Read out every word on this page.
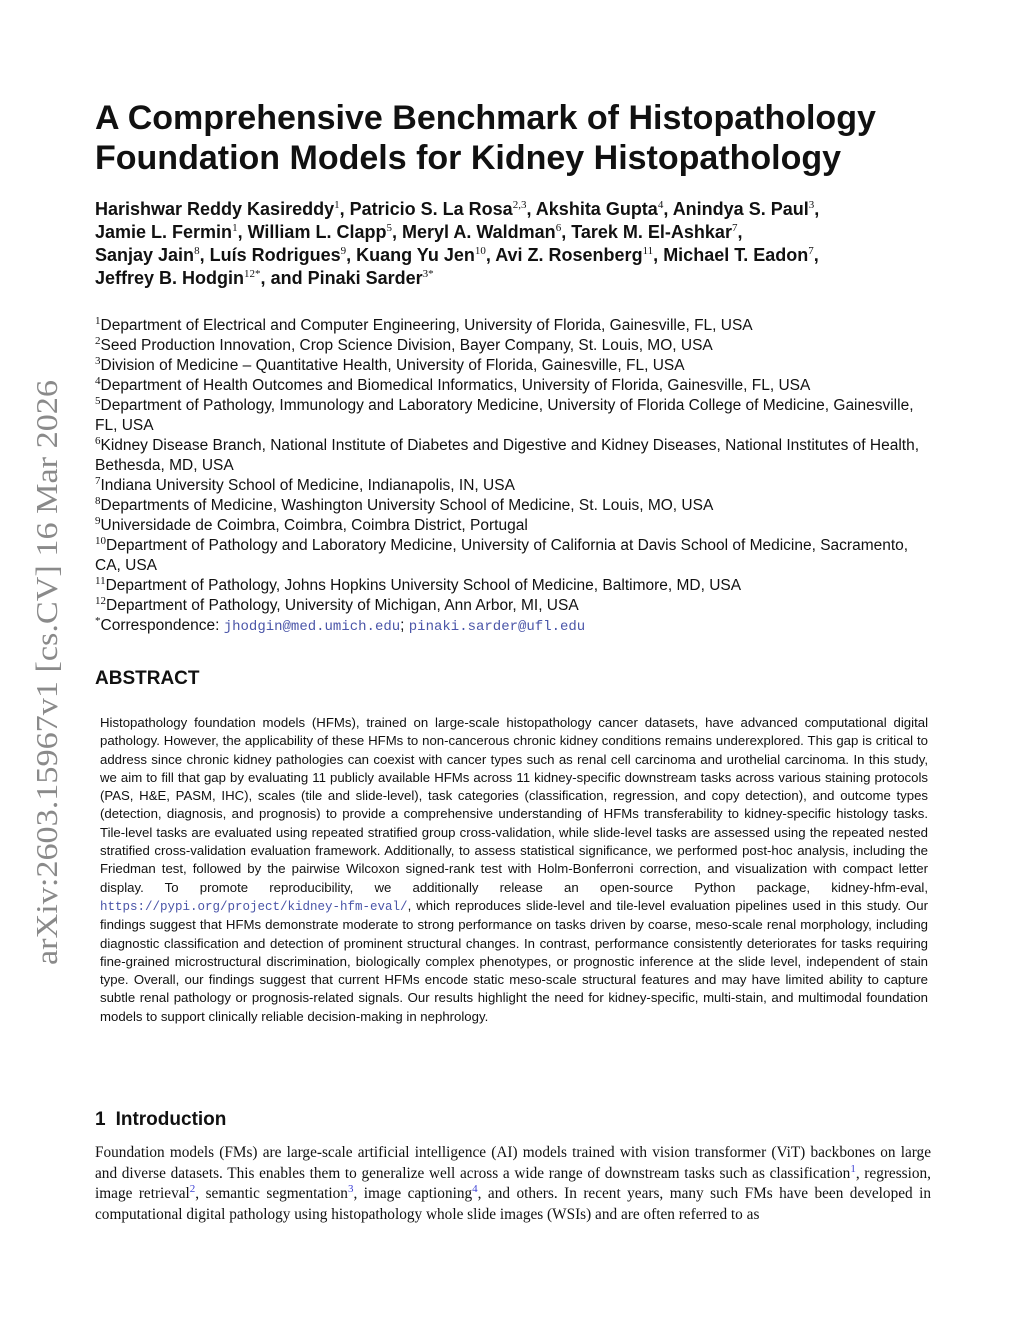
arXiv:2603.15967v1 [cs.CV] 16 Mar 2026
A Comprehensive Benchmark of Histopathology
Foundation Models for Kidney Histopathology

Harishwar Reddy Kasireddy$^1$, Patricio S. La Rosa$^{2,3}$, Akshita Gupta$^4$, Anindya S. Paul$^3$,
Jamie L. Fermin$^1$, William L. Clapp$^5$, Meryl A. Waldman$^6$, Tarek M. El-Ashkar$^7$,
Sanjay Jain$^8$, Luís Rodrigues$^9$, Kuang Yu Jen$^{10}$, Avi Z. Rosenberg$^{11}$, Michael T. Eadon$^7$,
Jeffrey B. Hodgin$^{12*}$, and Pinaki Sarder$^{3*}$

$^1$Department of Electrical and Computer Engineering, University of Florida, Gainesville, FL, USA

$^2$Seed Production Innovation, Crop Science Division, Bayer Company, St. Louis, MO, USA

$^3$Division of Medicine – Quantitative Health, University of Florida, Gainesville, FL, USA

$^4$Department of Health Outcomes and Biomedical Informatics, University of Florida, Gainesville, FL, USA

$^5$Department of Pathology, Immunology and Laboratory Medicine, University of Florida College of Medicine, Gainesville, FL, USA

$^6$Kidney Disease Branch, National Institute of Diabetes and Digestive and Kidney Diseases, National Institutes of Health, Bethesda, MD, USA

$^7$Indiana University School of Medicine, Indianapolis, IN, USA

$^8$Departments of Medicine, Washington University School of Medicine, St. Louis, MO, USA

$^9$Universidade de Coimbra, Coimbra, Coimbra District, Portugal

$^{10}$Department of Pathology and Laboratory Medicine, University of California at Davis School of Medicine, Sacramento, CA, USA

$^{11}$Department of Pathology, Johns Hopkins University School of Medicine, Baltimore, MD, USA

$^{12}$Department of Pathology, University of Michigan, Ann Arbor, MI, USA

*Correspondence: jhodgin@med.umich.edu; pinaki.sarder@ufl.edu

ABSTRACT

Histopathology foundation models (HFMs), trained on large-scale histopathology cancer datasets, have advanced computational digital pathology. However, the applicability of these HFMs to non-cancerous chronic kidney conditions remains underexplored. This gap is critical to address since chronic kidney pathologies can coexist with cancer types such as renal cell carcinoma and urothelial carcinoma. In this study, we aim to fill that gap by evaluating 11 publicly available HFMs across 11 kidney-specific downstream tasks across various staining protocols (PAS, H&E, PASM, IHC), scales (tile and slide-level), task categories (classification, regression, and copy detection), and outcome types (detection, diagnosis, and prognosis) to provide a comprehensive understanding of HFMs transferability to kidney-specific histology tasks. Tile-level tasks are evaluated using repeated stratified group cross-validation, while slide-level tasks are assessed using the repeated nested stratified cross-validation evaluation framework. Additionally, to assess statistical significance, we performed post-hoc analysis, including the Friedman test, followed by the pairwise Wilcoxon signed-rank test with Holm-Bonferroni correction, and visualization with compact letter display. To promote reproducibility, we additionally release an open-source Python package, kidney-hfm-eval, https://pypi.org/project/kidney-hfm-eval/, which reproduces slide-level and tile-level evaluation pipelines used in this study. Our findings suggest that HFMs demonstrate moderate to strong performance on tasks driven by coarse, meso-scale renal morphology, including diagnostic classification and detection of prominent structural changes. In contrast, performance consistently deteriorates for tasks requiring fine-grained microstructural discrimination, biologically complex phenotypes, or prognostic inference at the slide level, independent of stain type. Overall, our findings suggest that current HFMs encode static meso-scale structural features and may have limited ability to capture subtle renal pathology or prognosis-related signals. Our results highlight the need for kidney-specific, multi-stain, and multimodal foundation models to support clinically reliable decision-making in nephrology.

1 Introduction

Foundation models (FMs) are large-scale artificial intelligence (AI) models trained with vision transformer (ViT) backbones on large and diverse datasets. This enables them to generalize well across a wide range of downstream tasks such as classification$^1$, regression, image retrieval$^2$, semantic segmentation$^3$, image captioning$^4$, and others. In recent years, many such FMs have been developed in computational digital pathology using histopathology whole slide images (WSIs) and are often referred to as
